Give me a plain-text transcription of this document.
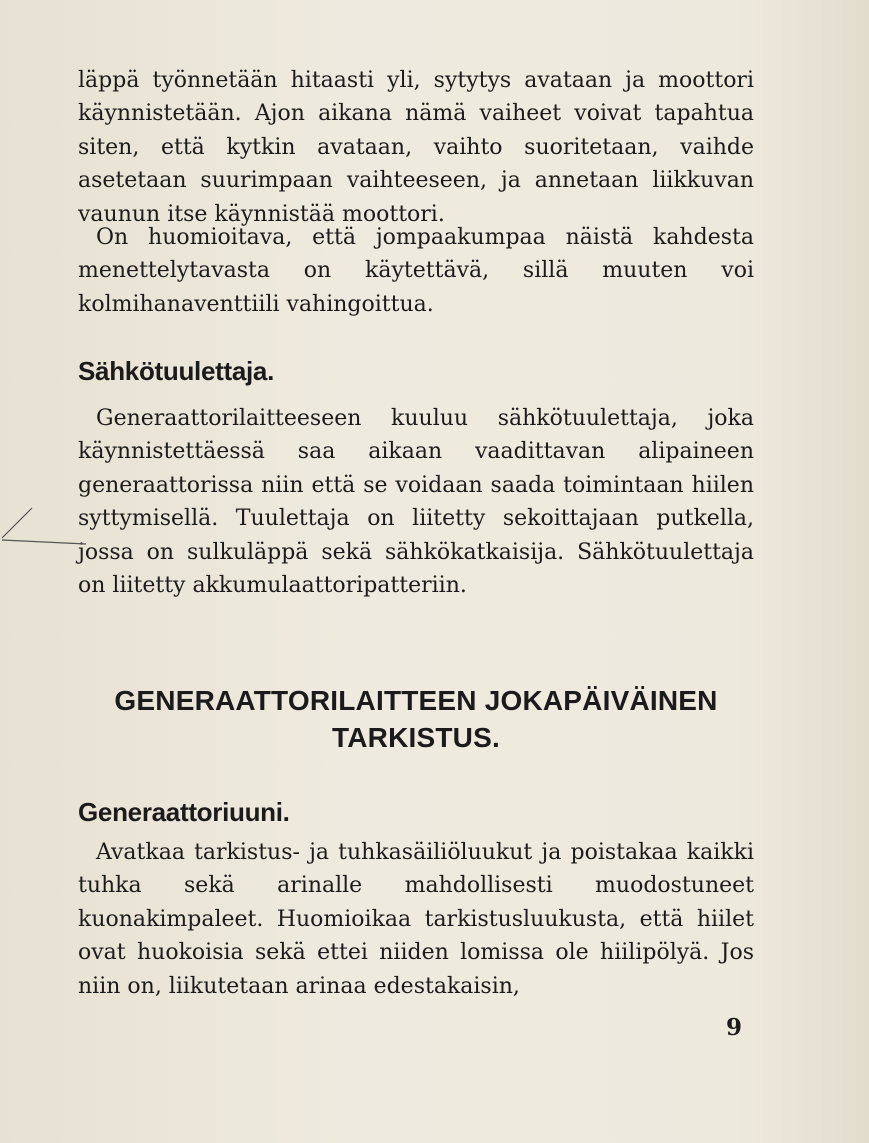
läppä työnnetään hitaasti yli, sytytys avataan ja moottori käynnistetään. Ajon aikana nämä vaiheet voivat tapahtua siten, että kytkin avataan, vaihto suoritetaan, vaihde asetetaan suurimpaan vaihteeseen, ja annetaan liikkuvan vaunun itse käynnistää moottori.

On huomioitava, että jompaakumpaa näistä kahdesta menettelytavasta on käytettävä, sillä muuten voi kolmihanaventtiili vahingoittua.

Sähkötuulettaja.

Generaattorilaitteeseen kuuluu sähkötuulettaja, joka käynnistettäessä saa aikaan vaadittavan alipaineen generaattorissa niin että se voidaan saada toimintaan hiilen syttymisellä. Tuulettaja on liitetty sekoittajaan putkella, jossa on sulkuläppä sekä sähkökatkaisija. Sähkötuulettaja on liitetty akkumulaattoripatteriin.

GENERAATTORILAITTEEN JOKAPÄIVÄINEN TARKISTUS.
Generaattoriuuni.

Avatkaa tarkistus- ja tuhkasäiliöluukut ja poistakaa kaikki tuhka sekä arinalle mahdollisesti muodostuneet kuonakimpaleet. Huomioikaa tarkistusluukusta, että hiilet ovat huokoisia sekä ettei niiden lomissa ole hiilipölyä. Jos niin on, liikutetaan arinaa edestakaisin,

9
